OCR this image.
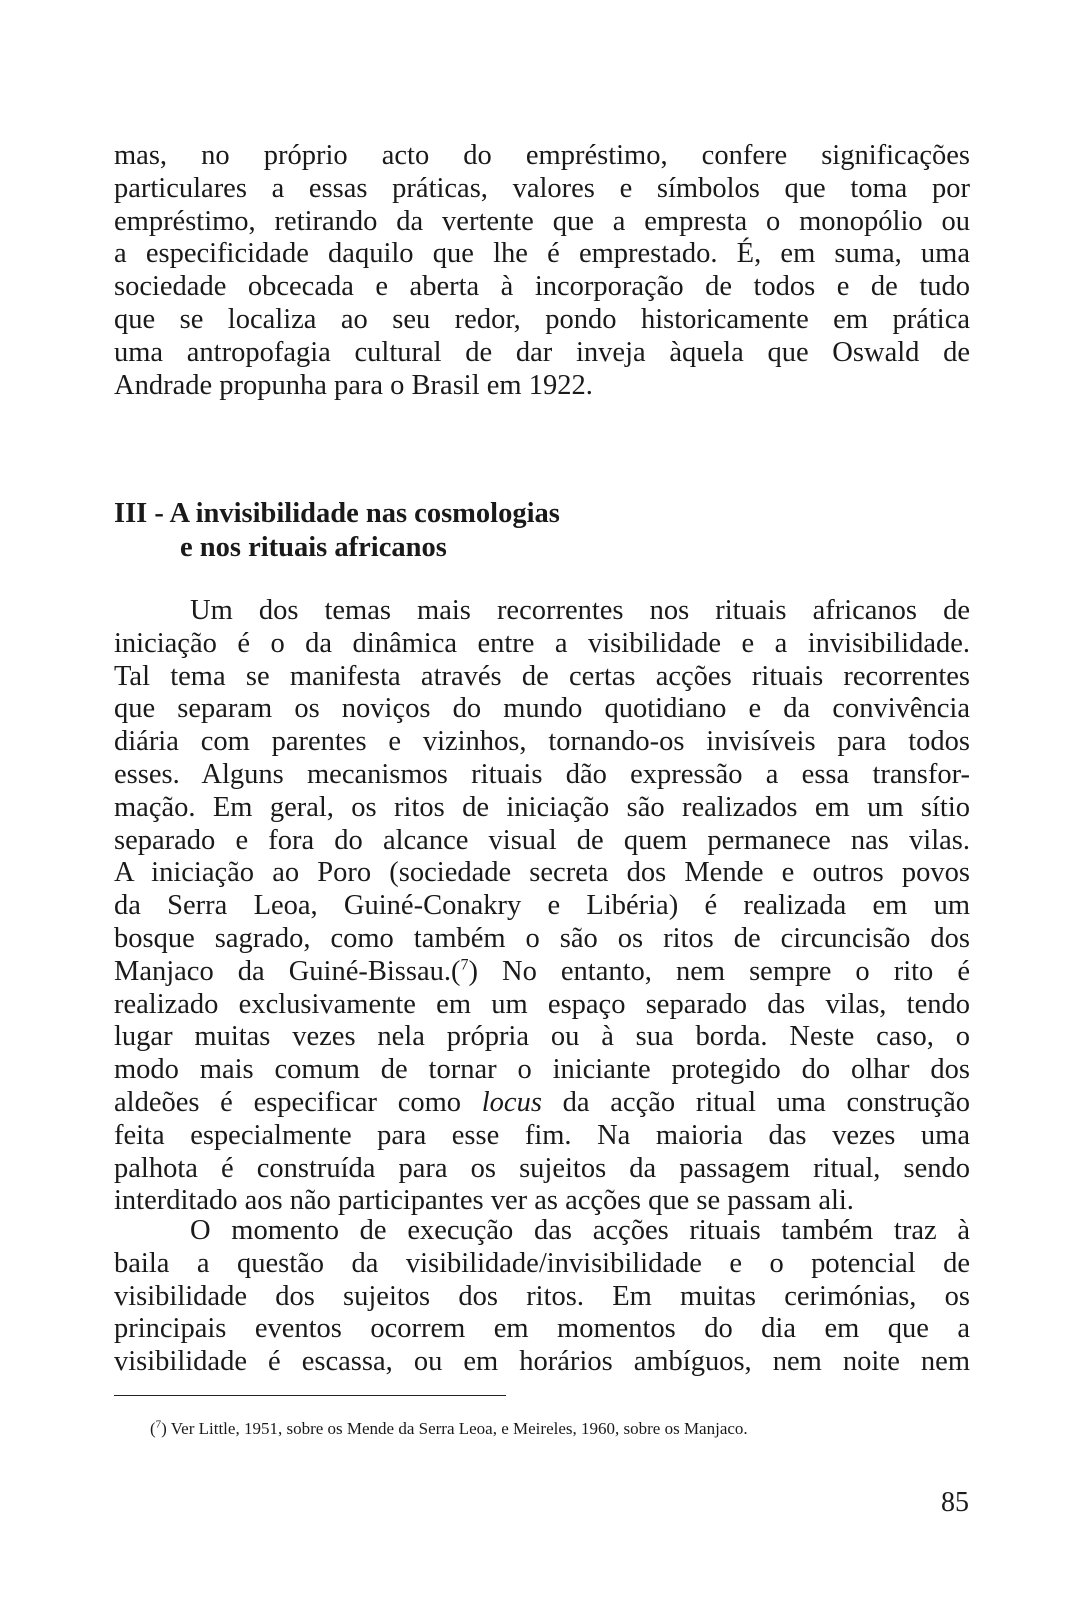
mas, no próprio acto do empréstimo, confere significações
particulares a essas práticas, valores e símbolos que toma por
empréstimo, retirando da vertente que a empresta o monopólio ou
a especificidade daquilo que lhe é emprestado. É, em suma, uma
sociedade obcecada e aberta à incorporação de todos e de tudo
que se localiza ao seu redor, pondo historicamente em prática
uma antropofagia cultural de dar inveja àquela que Oswald de
Andrade propunha para o Brasil em 1922.

III - A invisibilidade nas cosmologias
e nos rituais africanos

Um dos temas mais recorrentes nos rituais africanos de
iniciação é o da dinâmica entre a visibilidade e a invisibilidade.
Tal tema se manifesta através de certas acções rituais recorrentes
que separam os noviços do mundo quotidiano e da convivência
diária com parentes e vizinhos, tornando-os invisíveis para todos
esses. Alguns mecanismos rituais dão expressão a essa transfor-
mação. Em geral, os ritos de iniciação são realizados em um sítio
separado e fora do alcance visual de quem permanece nas vilas.
A iniciação ao Poro (sociedade secreta dos Mende e outros povos
da Serra Leoa, Guiné-Conakry e Libéria) é realizada em um
bosque sagrado, como também o são os ritos de circuncisão dos
Manjaco da Guiné-Bissau.($^7$) No entanto, nem sempre o rito é
realizado exclusivamente em um espaço separado das vilas, tendo
lugar muitas vezes nela própria ou à sua borda. Neste caso, o
modo mais comum de tornar o iniciante protegido do olhar dos
aldeões é especificar como locus da acção ritual uma construção
feita especialmente para esse fim. Na maioria das vezes uma
palhota é construída para os sujeitos da passagem ritual, sendo
interditado aos não participantes ver as acções que se passam ali.

O momento de execução das acções rituais também traz à
baila a questão da visibilidade/invisibilidade e o potencial de
visibilidade dos sujeitos dos ritos. Em muitas cerimónias, os
principais eventos ocorrem em momentos do dia em que a
visibilidade é escassa, ou em horários ambíguos, nem noite nem

($^7$) Ver Little, 1951, sobre os Mende da Serra Leoa, e Meireles, 1960, sobre os Manjaco.

85
